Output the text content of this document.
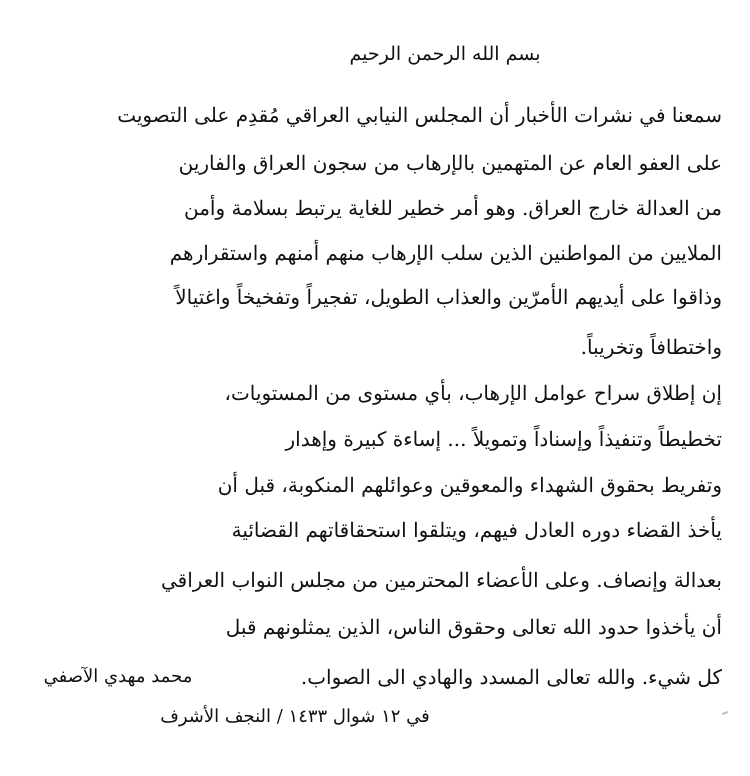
بسم الله الرحمن الرحيم
سمعنا في نشرات الأخبار أن المجلس النيابي العراقي مُقدِم على التصويت
على العفو العام عن المتهمين بالإرهاب من سجون العراق والفارين
من العدالة خارج العراق. وهو أمر خطير للغاية يرتبط بسلامة وأمن
الملايين من المواطنين الذين سلب الإرهاب منهم أمنهم واستقرارهم
وذاقوا على أيديهم الأمرّين والعذاب الطويل، تفجيراً وتفخيخاً واغتيالاً
واختطافاً وتخريباً.
إن إطلاق سراح عوامل الإرهاب، بأي مستوى من المستويات،
تخطيطاً وتنفيذاً وإسناداً وتمويلاً ... إساءة كبيرة وإهدار
وتفريط بحقوق الشهداء والمعوقين وعوائلهم المنكوبة، قبل أن
يأخذ القضاء دوره العادل فيهم، ويتلقوا استحقاقاتهم القضائية
بعدالة وإنصاف. وعلى الأعضاء المحترمين من مجلس النواب العراقي
أن يأخذوا حدود الله تعالى وحقوق الناس، الذين يمثلونهم قبل
كل شيء. والله تعالى المسدد والهادي الى الصواب.
محمد مهدي الآصفي
في ١٢ شوال ١٤٣٣ / النجف الأشرف
